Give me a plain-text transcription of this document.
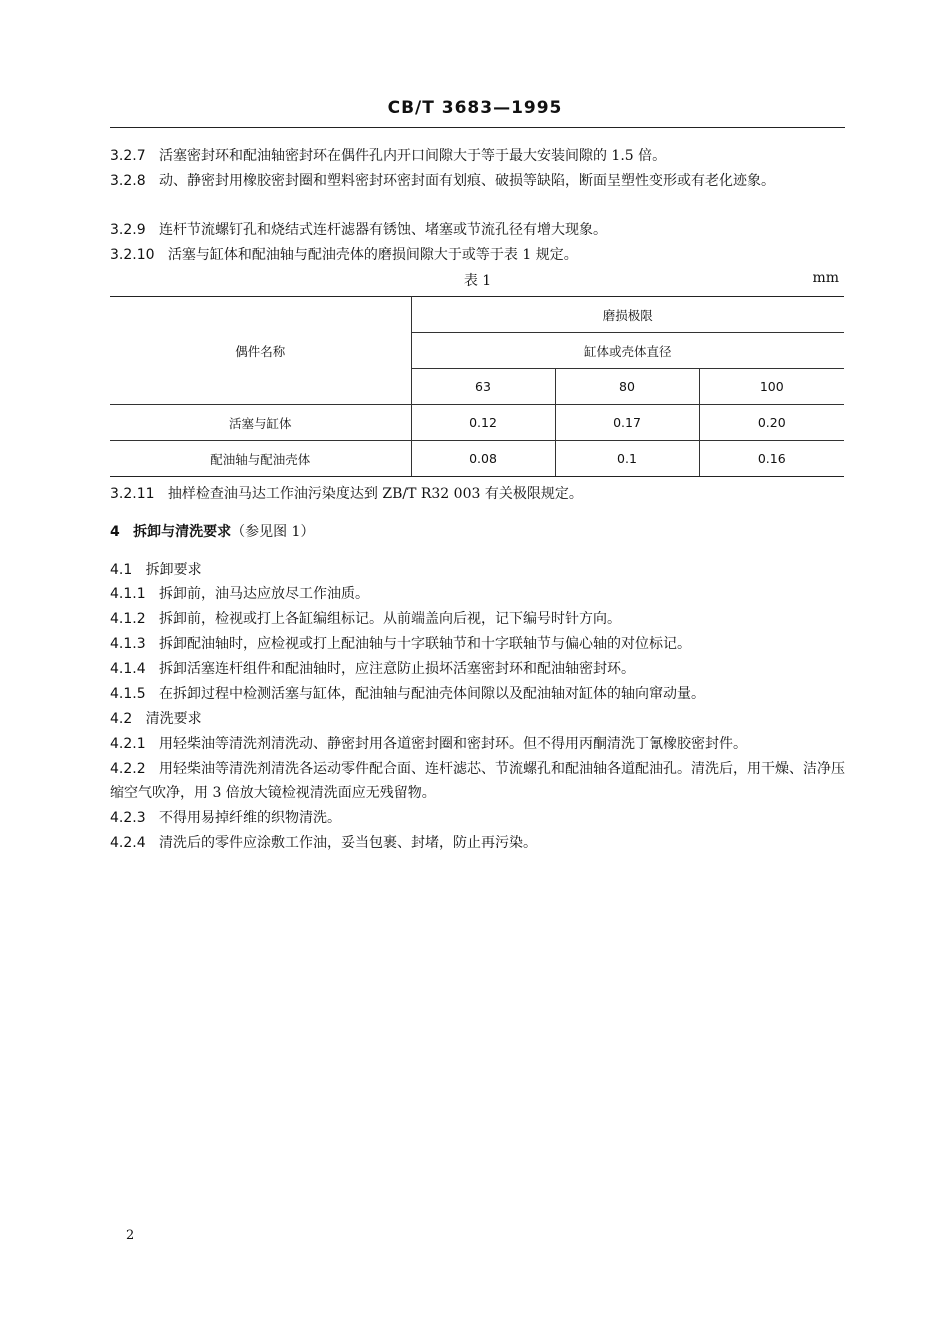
CB/T 3683—1995

3.2.7 活塞密封环和配油轴密封环在偶件孔内开口间隙大于等于最大安装间隙的 1.5 倍。

3.2.8 动、静密封用橡胶密封圈和塑料密封环密封面有划痕、破损等缺陷，断面呈塑性变形或有老化迹象。

3.2.9 连杆节流螺钉孔和烧结式连杆滤器有锈蚀、堵塞或节流孔径有增大现象。

3.2.10 活塞与缸体和配油轴与配油壳体的磨损间隙大于或等于表 1 规定。

表 1	mm
偶件名称	磨损极限		
	缸体或壳体直径		
	63	80	100
活塞与缸体	0.12	0.17	0.20
配油轴与配油壳体	0.08	0.1	0.16

3.2.11 抽样检查油马达工作油污染度达到 ZB/T R32 003 有关极限规定。

4 拆卸与清洗要求（参见图 1）

4.1 拆卸要求

4.1.1 拆卸前，油马达应放尽工作油质。

4.1.2 拆卸前，检视或打上各缸编组标记。从前端盖向后视，记下编号时针方向。

4.1.3 拆卸配油轴时，应检视或打上配油轴与十字联轴节和十字联轴节与偏心轴的对位标记。

4.1.4 拆卸活塞连杆组件和配油轴时，应注意防止损坏活塞密封环和配油轴密封环。

4.1.5 在拆卸过程中检测活塞与缸体，配油轴与配油壳体间隙以及配油轴对缸体的轴向窜动量。

4.2 清洗要求

4.2.1 用轻柴油等清洗剂清洗动、静密封用各道密封圈和密封环。但不得用丙酮清洗丁氰橡胶密封件。

4.2.2 用轻柴油等清洗剂清洗各运动零件配合面、连杆滤芯、节流螺孔和配油轴各道配油孔。清洗后，用干燥、洁净压缩空气吹净，用 3 倍放大镜检视清洗面应无残留物。

4.2.3 不得用易掉纤维的织物清洗。

4.2.4 清洗后的零件应涂敷工作油，妥当包裹、封堵，防止再污染。

2
